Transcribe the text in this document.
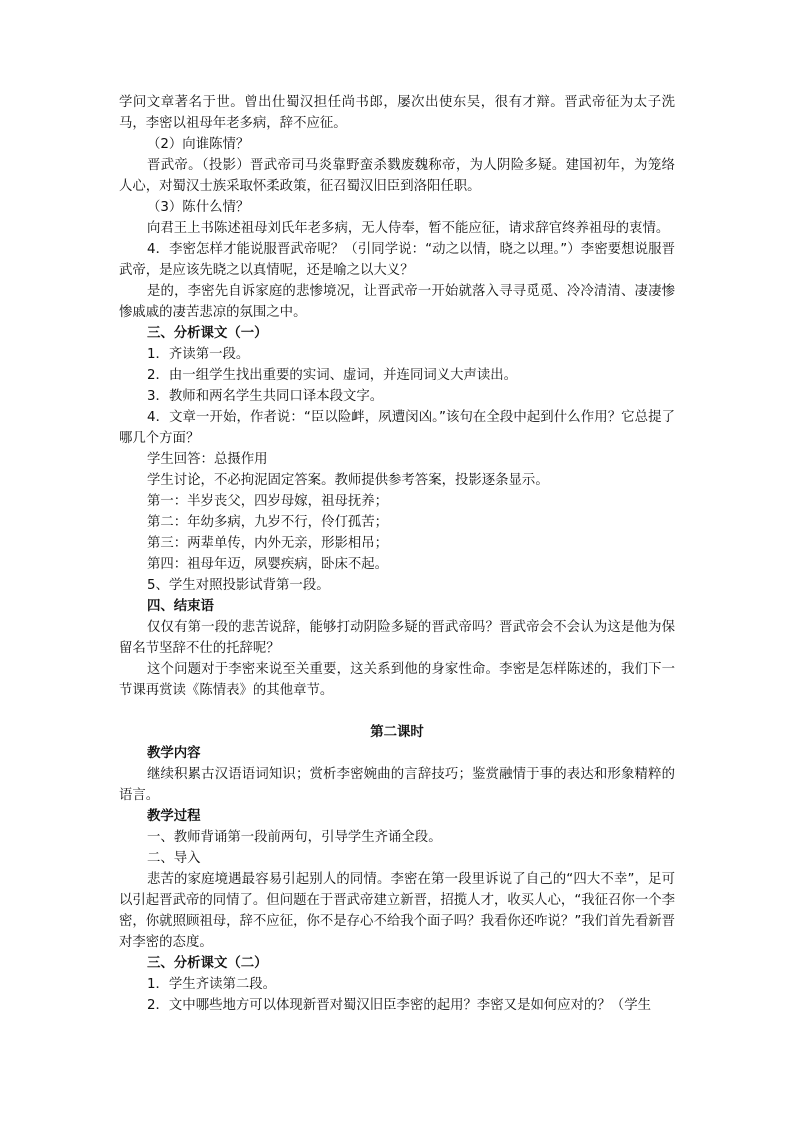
学问文章著名于世。曾出仕蜀汉担任尚书郎，屡次出使东吴，很有才辩。晋武帝征为太子洗马，李密以祖母年老多病，辞不应征。

（2）向谁陈情？

晋武帝。（投影）晋武帝司马炎靠野蛮杀戮废魏称帝，为人阴险多疑。建国初年，为笼络人心，对蜀汉士族采取怀柔政策，征召蜀汉旧臣到洛阳任职。

（3）陈什么情？

向君王上书陈述祖母刘氏年老多病，无人侍奉，暂不能应征，请求辞官终养祖母的衷情。

4．李密怎样才能说服晋武帝呢？（引同学说：“动之以情，晓之以理。”）李密要想说服晋武帝，是应该先晓之以真情呢，还是喻之以大义？

是的，李密先自诉家庭的悲惨境况，让晋武帝一开始就落入寻寻觅觅、冷冷清清、凄凄惨惨戚戚的凄苦悲凉的氛围之中。

三、分析课文（一）

1．齐读第一段。

2．由一组学生找出重要的实词、虚词，并连同词义大声读出。

3．教师和两名学生共同口译本段文字。

4．文章一开始，作者说：“臣以险衅，夙遭闵凶。”该句在全段中起到什么作用？它总提了哪几个方面？

学生回答：总摄作用

学生讨论，不必拘泥固定答案。教师提供参考答案，投影逐条显示。

第一：半岁丧父，四岁母嫁，祖母抚养；

第二：年幼多病，九岁不行，伶仃孤苦；

第三：两辈单传，内外无亲，形影相吊；

第四：祖母年迈，夙婴疾病，卧床不起。

5、学生对照投影试背第一段。

四、结束语

仅仅有第一段的悲苦说辞，能够打动阴险多疑的晋武帝吗？晋武帝会不会认为这是他为保留名节坚辞不仕的托辞呢？

这个问题对于李密来说至关重要，这关系到他的身家性命。李密是怎样陈述的，我们下一节课再赏读《陈情表》的其他章节。

第二课时

教学内容

继续积累古汉语语词知识；赏析李密婉曲的言辞技巧；鉴赏融情于事的表达和形象精粹的语言。

教学过程

一、教师背诵第一段前两句，引导学生齐诵全段。

二、导入

悲苦的家庭境遇最容易引起别人的同情。李密在第一段里诉说了自己的“四大不幸”，足可以引起晋武帝的同情了。但问题在于晋武帝建立新晋，招揽人才，收买人心，“我征召你一个李密，你就照顾祖母，辞不应征，你不是存心不给我个面子吗？我看你还咋说？”我们首先看新晋对李密的态度。

三、分析课文（二）

1．学生齐读第二段。

2．文中哪些地方可以体现新晋对蜀汉旧臣李密的起用？李密又是如何应对的？（学生
